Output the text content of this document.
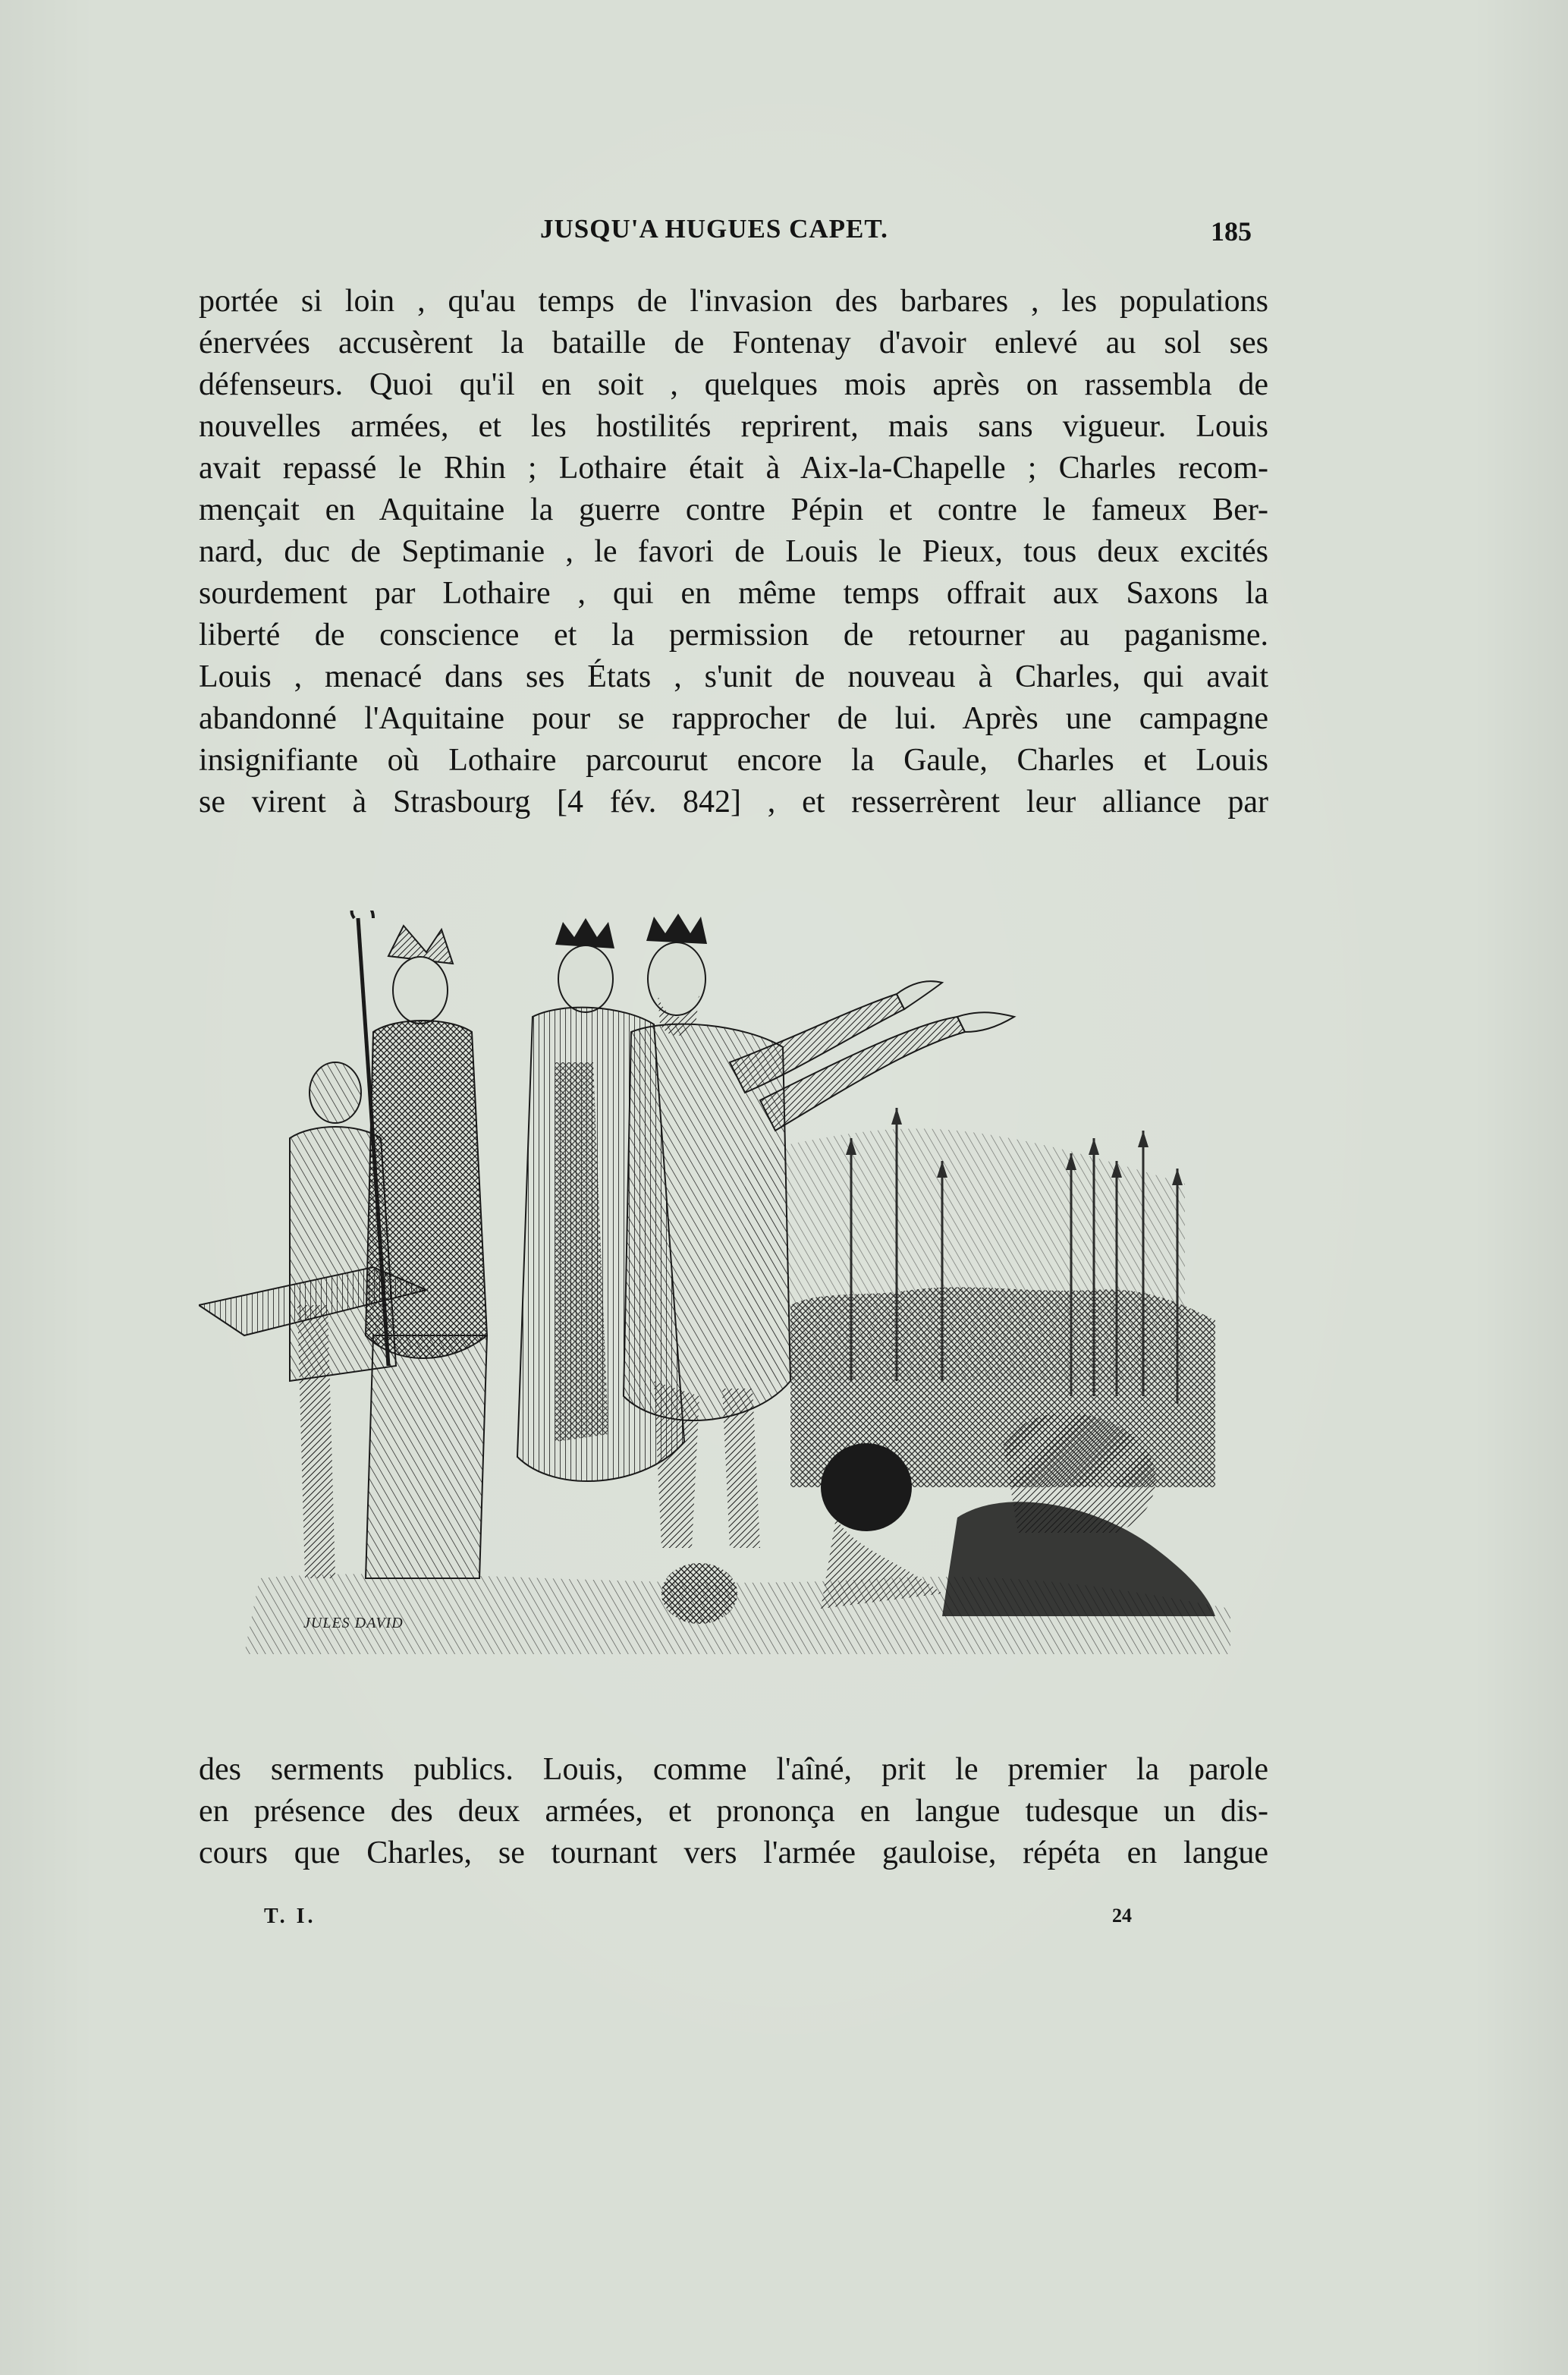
JUSQU'A HUGUES CAPET.	185
portée si loin , qu'au temps de l'invasion des barbares , les populations
énervées accusèrent la bataille de Fontenay d'avoir enlevé au sol ses
défenseurs. Quoi qu'il en soit , quelques mois après on rassembla de
nouvelles armées, et les hostilités reprirent, mais sans vigueur. Louis
avait repassé le Rhin ; Lothaire était à Aix-la-Chapelle ; Charles recom-
mençait en Aquitaine la guerre contre Pépin et contre le fameux Ber-
nard, duc de Septimanie , le favori de Louis le Pieux, tous deux excités
sourdement par Lothaire , qui en même temps offrait aux Saxons la
liberté de conscience et la permission de retourner au paganisme.
Louis , menacé dans ses États , s'unit de nouveau à Charles, qui avait
abandonné l'Aquitaine pour se rapprocher de lui. Après une campagne
insignifiante où Lothaire parcourut encore la Gaule, Charles et Louis
se virent à Strasbourg [4 fév. 842] , et resserrèrent leur alliance par
JULES DAVID
des serments publics. Louis, comme l'aîné, prit le premier la parole
en présence des deux armées, et prononça en langue tudesque un dis-
cours que Charles, se tournant vers l'armée gauloise, répéta en langue
T. I.	24
